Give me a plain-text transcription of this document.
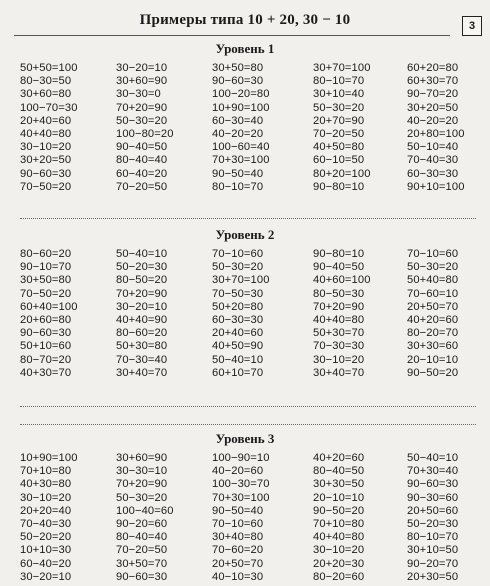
Примеры типа 10 + 20, 30 − 10	3
Уровень 1
50+50=100
80−30=50
30+60=80
100−70=30
20+40=60
40+40=80
30−10=20
30+20=50
90−60=30
70−50=20
30−20=10
30+60=90
30−30=0
70+20=90
50−30=20
100−80=20
90−40=50
80−40=40
60−40=20
70−20=50
30+50=80
90−60=30
100−20=80
10+90=100
60−30=40
40−20=20
100−60=40
70+30=100
90−50=40
80−10=70
30+70=100
80−10=70
30+10=40
50−30=20
20+70=90
70−20=50
40+50=80
60−10=50
80+20=100
90−80=10
60+20=80
60+30=70
90−70=20
30+20=50
40−20=20
20+80=100
50−10=40
70−40=30
60−30=30
90+10=100
Уровень 2
80−60=20
90−10=70
30+50=80
70−50=20
60+40=100
20+60=80
90−60=30
50+10=60
80−70=20
40+30=70
50−40=10
50−20=30
80−50=20
70+20=90
30−20=10
40+40=90
80−60=20
50+30=80
70−30=40
30+40=70
70−10=60
50−30=20
30+70=100
70−50=30
50+20=80
60−30=30
20+40=60
40+50=90
50−40=10
60+10=70
90−80=10
90−40=50
40+60=100
80−50=30
70+20=90
40+40=80
50+30=70
70−30=30
30−10=20
30+40=70
70−10=60
50−30=20
50+40=80
70−60=10
20+50=70
40+20=60
80−20=70
30+30=60
20−10=10
90−50=20
Уровень 3
10+90=100
70+10=80
40+30=80
30−10=20
20+20=40
70−40=30
50−20=20
10+10=30
60−40=20
30−20=10
30+60=90
30−30=10
70+20=90
50−30=20
100−40=60
90−20=60
80−40=40
70−20=50
30+50=70
90−60=30
100−90=10
40−20=60
100−30=70
70+30=100
90−50=40
70−10=60
30+40=80
70−60=20
20+50=70
40−10=30
40+20=60
80−40=50
30+30=50
20−10=10
90−50=20
70+10=80
40+40=80
30−10=20
20+20=30
80−20=60
50−40=10
70+30=40
90−60=30
90−30=60
20+50=60
50−20=30
80−10=70
30+10=50
90−20=70
20+30=50
